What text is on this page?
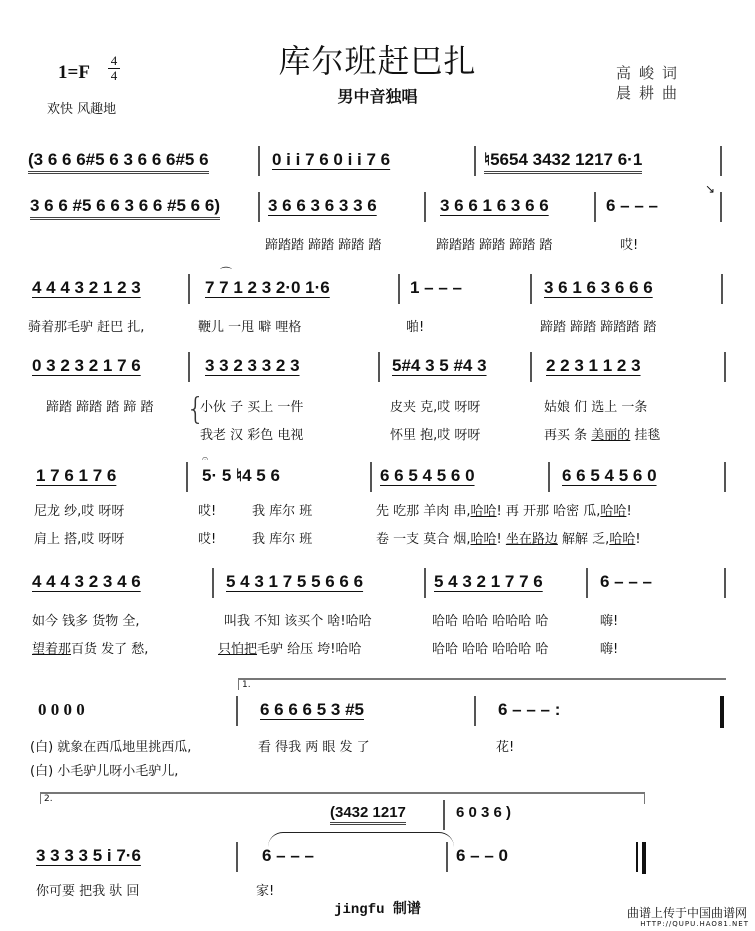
库尔班赶巴扎
男中音独唱
1=F
4
4
欢快 风趣地
高峻词
晨耕曲
(3 6 6 6#5 6 3 6 6 6#5 6	0 i i 7 6 0 i i 7 6	♮5654 3432 1217 6·1
3 6 6 #5 6 6 3 6 6 #5 6 6)	3 6 6 3 6 3 3 6	3 6 6 1 6 3 6 6	6 – – –
↘
蹄踏踏 蹄踏 蹄踏 踏	蹄踏踏 蹄踏 蹄踏 踏	哎!
4 4 4 3 2 1 2 3	7 7 1 2 3 2·0 1·6
⌒
1 – – –	3 6 1 6 3 6 6 6
骑着那毛驴 赶巴 扎,	鞭儿 一甩 噼 哩格	啪!	蹄踏 蹄踏 蹄踏踏 踏
0 3 2 3 2 1 7 6	3 3 2 3 3 2 3	5#4 3 5 #4 3	2 2 3 1 1 2 3
蹄踏 蹄踏 踏 蹄 踏 {
小伙 子 买上 一件	皮夹 克,哎 呀呀	姑娘 们 选上 一条
我老 汉 彩色 电视	怀里 抱,哎 呀呀	再买 条 美丽的 挂毯
1 7 6 1 7 6
𝄐
5· 5 ♮4 5 6	6 6 5 4 5 6 0	6 6 5 4 5 6 0
尼龙 纱,哎 呀呀	哎!	我 库尔 班	先 吃那 羊肉 串,哈哈! 再 开那 哈密 瓜,哈哈!
肩上 搭,哎 呀呀	哎!	我 库尔 班	卷 一支 莫合 烟,哈哈! 坐在路边 解解 乏,哈哈!
4 4 4 3 2 3 4 6	5 4 3 1 7 5 5 6 6 6	5 4 3 2 1 7 7 6	6 – – –
如今 钱多 货物 全,	叫我 不知 该买个 啥!哈哈	哈哈 哈哈 哈哈哈 哈	嗨!
望着那百货 发了 愁,	只怕把毛驴 给压 垮!哈哈	哈哈 哈哈 哈哈哈 哈	嗨!
1.
0 0 0 0	6 6 6 6 5 3 #5	6 – – – :
(白) 就象在西瓜地里挑西瓜,	看 得我 两 眼 发 了	花!
(白) 小毛驴儿呀小毛驴儿,
2.
(3432 1217	6 0 3 6 )
3 3 3 3 5 i 7·6	6 – – –	6 – – 0
你可要 把我 驮 回	家!
jingfu 制谱	曲谱上传于中国曲谱网
HTTP://QUPU.HAO81.NET
